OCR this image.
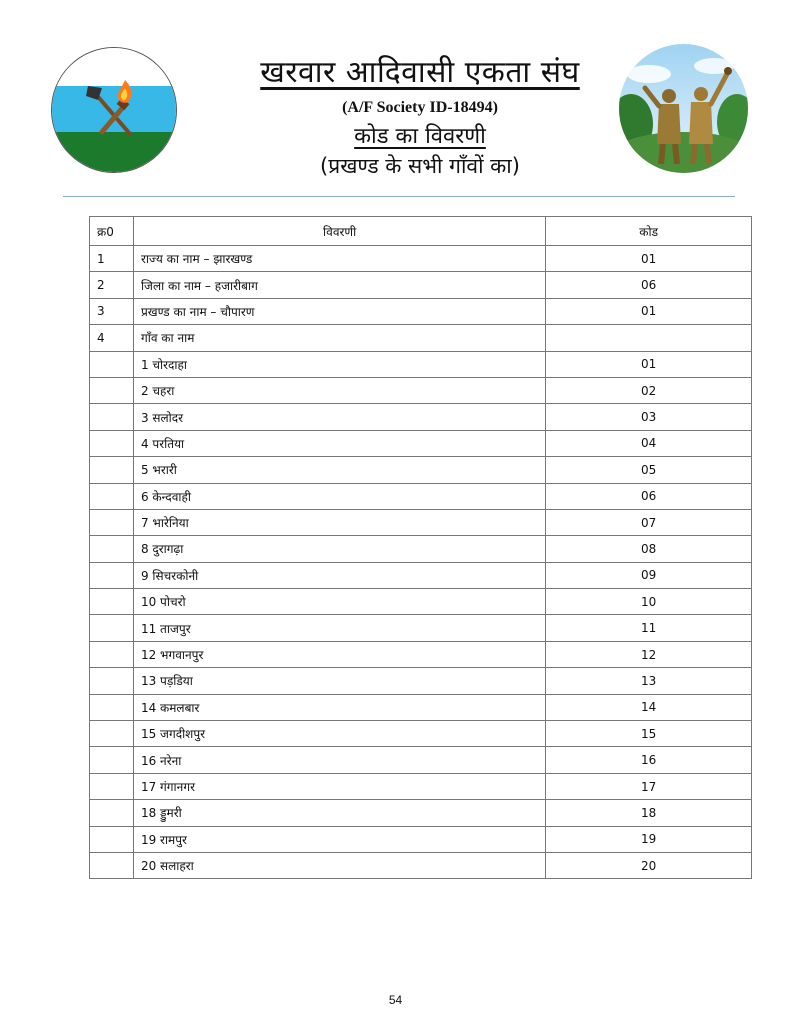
खरवार आदिवासी एकता संघ
(A/F Society ID-18494)
कोड का विवरणी
(प्रखण्ड के सभी गाँवों का)
क्र0	विवरणी	कोड
1	राज्य का नाम – झारखण्ड	01
2	जिला का नाम – हजारीबाग	06
3	प्रखण्ड का नाम – चौपारण	01
4	गाँव का नाम	
	1 चोरदाहा	01
	2 चहरा	02
	3 सलोदर	03
	4 परतिया	04
	5 भरारी	05
	6 केन्दवाही	06
	7 भारेनिया	07
	8 दुरागढ़ा	08
	9 सिचरकोनी	09
	10 पोचरो	10
	11 ताजपुर	11
	12 भगवानपुर	12
	13 पड़डिया	13
	14 कमलबार	14
	15 जगदीशपुर	15
	16 नरेना	16
	17 गंगानगर	17
	18 ड्डुमरी	18
	19 रामपुर	19
	20 सलाहरा	20
54
